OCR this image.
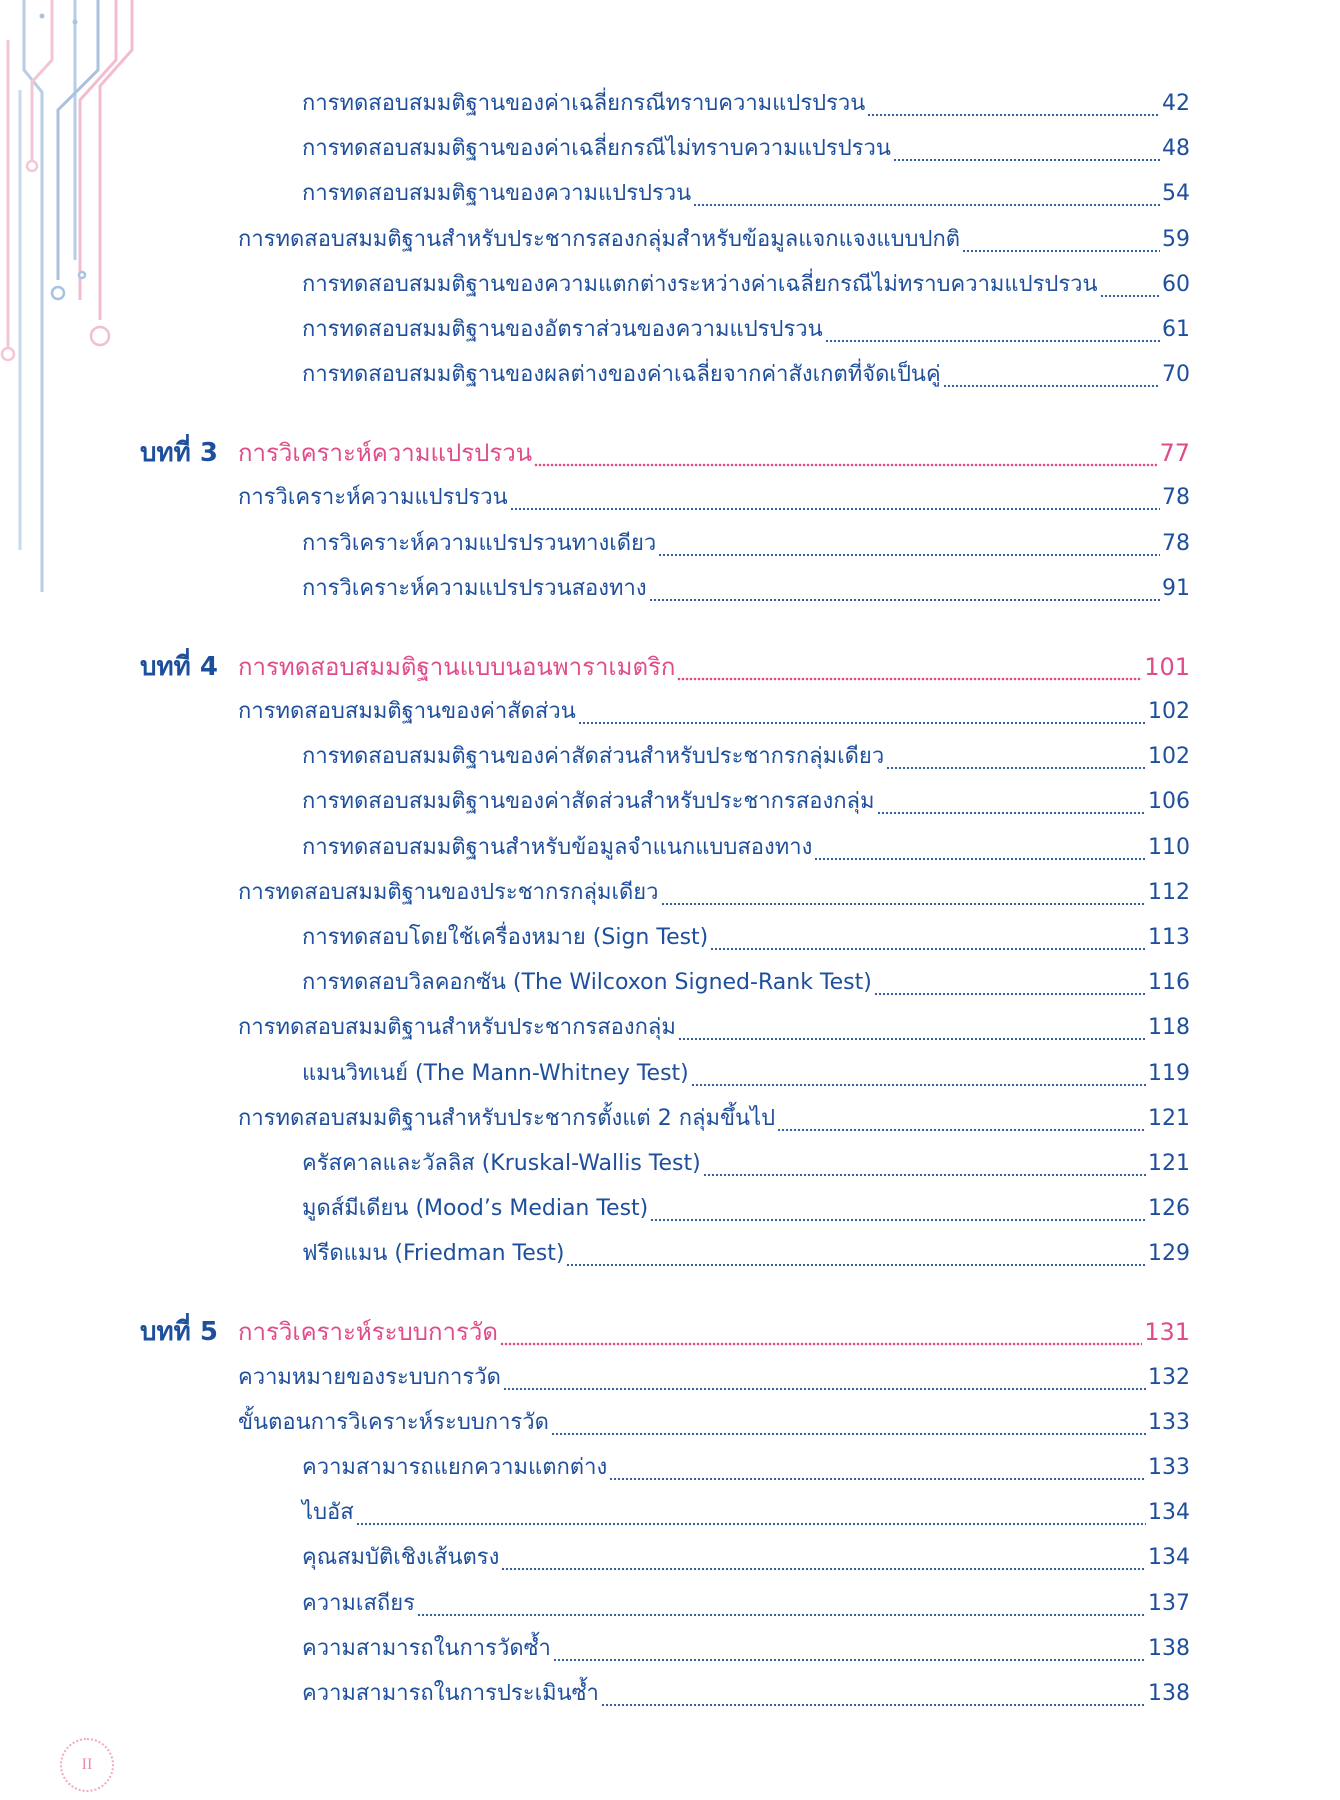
การทดสอบสมมติฐานของค่าเฉลี่ยกรณีทราบความแปรปรวน	42
การทดสอบสมมติฐานของค่าเฉลี่ยกรณีไม่ทราบความแปรปรวน	48
การทดสอบสมมติฐานของความแปรปรวน	54
การทดสอบสมมติฐานสำหรับประชากรสองกลุ่มสำหรับข้อมูลแจกแจงแบบปกติ	59
การทดสอบสมมติฐานของความแตกต่างระหว่างค่าเฉลี่ยกรณีไม่ทราบความแปรปรวน	60
การทดสอบสมมติฐานของอัตราส่วนของความแปรปรวน	61
การทดสอบสมมติฐานของผลต่างของค่าเฉลี่ยจากค่าสังเกตที่จัดเป็นคู่	70
บทที่ 3 การวิเคราะห์ความแปรปรวน	77
การวิเคราะห์ความแปรปรวน	78
การวิเคราะห์ความแปรปรวนทางเดียว	78
การวิเคราะห์ความแปรปรวนสองทาง	91
บทที่ 4 การทดสอบสมมติฐานแบบนอนพาราเมตริก	101
การทดสอบสมมติฐานของค่าสัดส่วน	102
การทดสอบสมมติฐานของค่าสัดส่วนสำหรับประชากรกลุ่มเดียว	102
การทดสอบสมมติฐานของค่าสัดส่วนสำหรับประชากรสองกลุ่ม	106
การทดสอบสมมติฐานสำหรับข้อมูลจำแนกแบบสองทาง	110
การทดสอบสมมติฐานของประชากรกลุ่มเดียว	112
การทดสอบโดยใช้เครื่องหมาย (Sign Test)	113
การทดสอบวิลคอกซัน (The Wilcoxon Signed-Rank Test)	116
การทดสอบสมมติฐานสำหรับประชากรสองกลุ่ม	118
แมนวิทเนย์ (The Mann-Whitney Test)	119
การทดสอบสมมติฐานสำหรับประชากรตั้งแต่ 2 กลุ่มขึ้นไป	121
ครัสคาลและวัลลิส (Kruskal-Wallis Test)	121
มูดส์มีเดียน (Mood’s Median Test)	126
ฟรีดแมน (Friedman Test)	129
บทที่ 5 การวิเคราะห์ระบบการวัด	131
ความหมายของระบบการวัด	132
ขั้นตอนการวิเคราะห์ระบบการวัด	133
ความสามารถแยกความแตกต่าง	133
ไบอัส	134
คุณสมบัติเชิงเส้นตรง	134
ความเสถียร	137
ความสามารถในการวัดซ้ำ	138
ความสามารถในการประเมินซ้ำ	138
II
